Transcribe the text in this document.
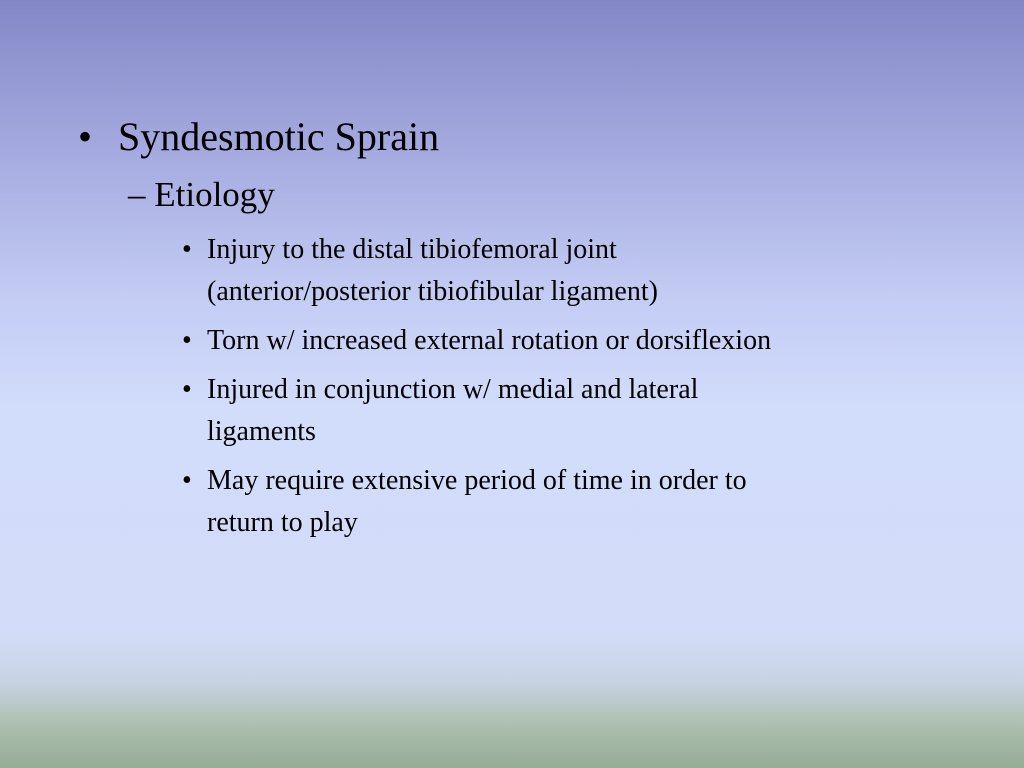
• Syndesmotic Sprain
– Etiology
• Injury to the distal tibiofemoral joint
(anterior/posterior tibiofibular ligament)
• Torn w/ increased external rotation or dorsiflexion
• Injured in conjunction w/ medial and lateral
ligaments
• May require extensive period of time in order to
return to play
